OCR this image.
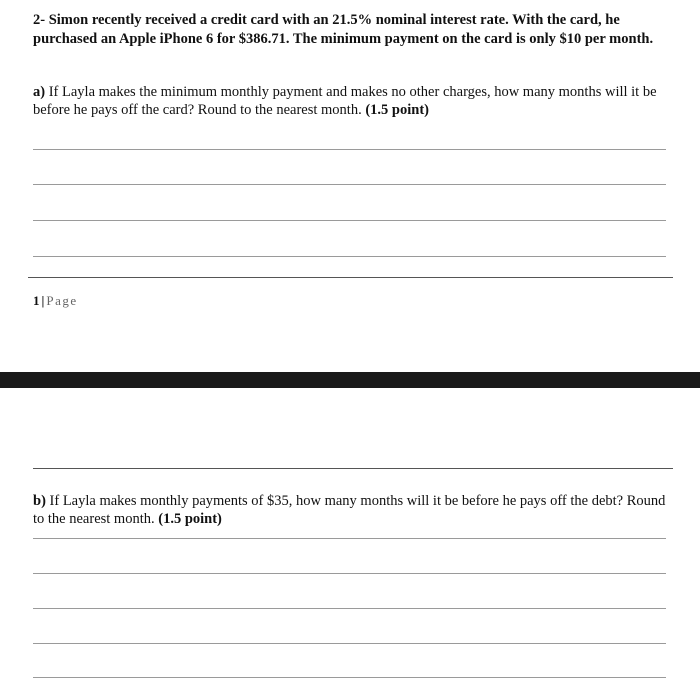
2- Simon recently received a credit card with an 21.5% nominal interest rate. With the card, he purchased an Apple iPhone 6 for $386.71. The minimum payment on the card is only $10 per month.
a) If Layla makes the minimum monthly payment and makes no other charges, how many months will it be before he pays off the card? Round to the nearest month. (1.5 point)
1 | Page
b) If Layla makes monthly payments of $35, how many months will it be before he pays off the debt? Round to the nearest month. (1.5 point)
